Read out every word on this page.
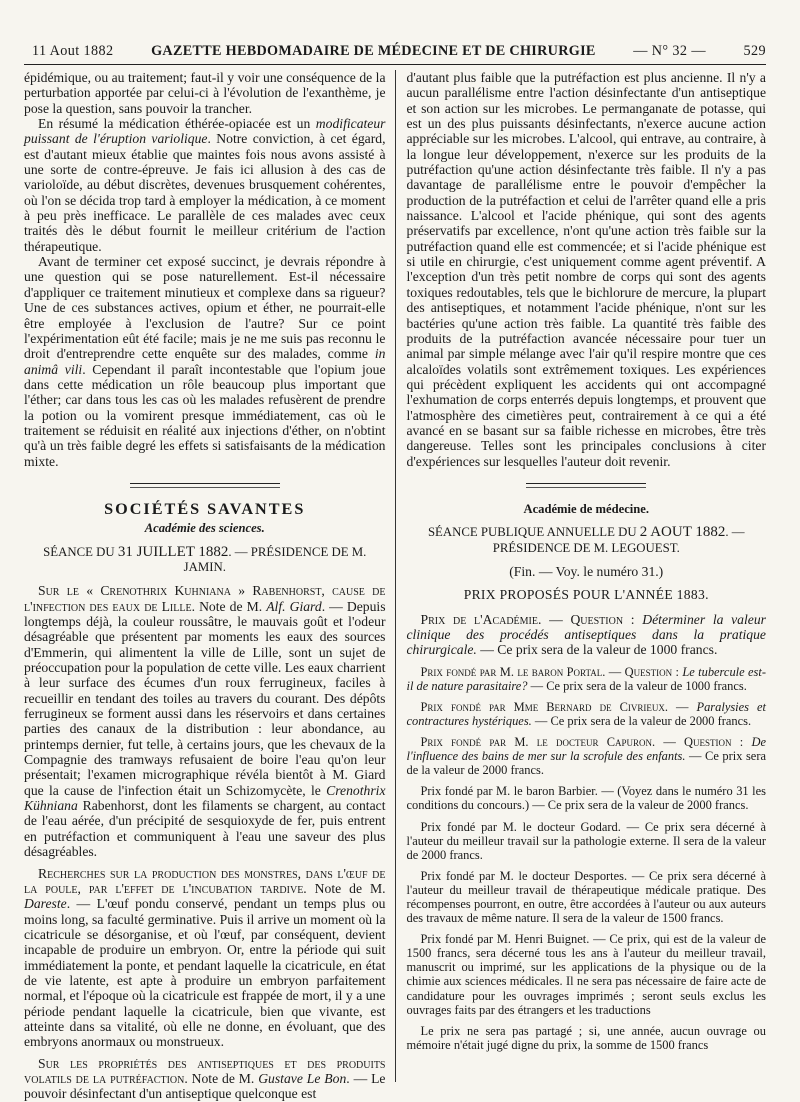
11 Aout 1882	GAZETTE HEBDOMADAIRE DE MÉDECINE ET DE CHIRURGIE	— N° 32 —	529

épidémique, ou au traitement; faut-il y voir une conséquence de la perturbation apportée par celui-ci à l'évolution de l'exanthème, je pose la question, sans pouvoir la trancher.

En résumé la médication éthérée-opiacée est un modificateur puissant de l'éruption variolique. Notre conviction, à cet égard, est d'autant mieux établie que maintes fois nous avons assisté à une sorte de contre-épreuve. Je fais ici allusion à des cas de varioloïde, au début discrètes, devenues brusquement cohérentes, où l'on se décida trop tard à employer la médication, à ce moment à peu près inefficace. Le parallèle de ces malades avec ceux traités dès le début fournit le meilleur critérium de l'action thérapeutique.

Avant de terminer cet exposé succinct, je devrais répondre à une question qui se pose naturellement. Est-il nécessaire d'appliquer ce traitement minutieux et complexe dans sa rigueur? Une de ces substances actives, opium et éther, ne pourrait-elle être employée à l'exclusion de l'autre? Sur ce point l'expérimentation eût été facile; mais je ne me suis pas reconnu le droit d'entreprendre cette enquête sur des malades, comme in animâ vili. Cependant il paraît incontestable que l'opium joue dans cette médication un rôle beaucoup plus important que l'éther; car dans tous les cas où les malades refusèrent de prendre la potion ou la vomirent presque immédiatement, cas où le traitement se réduisit en réalité aux injections d'éther, on n'obtint qu'à un très faible degré les effets si satisfaisants de la médication mixte.

SOCIÉTÉS SAVANTES
Académie des sciences.
SÉANCE DU 31 JUILLET 1882. — PRÉSIDENCE DE M. JAMIN.

Sur le « Crenothrix Kuhniana » Rabenhorst, cause de l'infection des eaux de Lille. Note de M. Alf. Giard. — Depuis longtemps déjà, la couleur roussâtre, le mauvais goût et l'odeur désagréable que présentent par moments les eaux des sources d'Emmerin, qui alimentent la ville de Lille, sont un sujet de préoccupation pour la population de cette ville. Les eaux charrient à leur surface des écumes d'un roux ferrugineux, faciles à recueillir en tendant des toiles au travers du courant. Des dépôts ferrugineux se forment aussi dans les réservoirs et dans certaines parties des canaux de la distribution : leur abondance, au printemps dernier, fut telle, à certains jours, que les chevaux de la Compagnie des tramways refusaient de boire l'eau qu'on leur présentait; l'examen micrographique révéla bientôt à M. Giard que la cause de l'infection était un Schizomycète, le Crenothrix Kühniana Rabenhorst, dont les filaments se chargent, au contact de l'eau aérée, d'un précipité de sesquioxyde de fer, puis entrent en putréfaction et communiquent à l'eau une saveur des plus désagréables.

Recherches sur la production des monstres, dans l'œuf de la poule, par l'effet de l'incubation tardive. Note de M. Dareste. — L'œuf pondu conservé, pendant un temps plus ou moins long, sa faculté germinative. Puis il arrive un moment où la cicatricule se désorganise, et où l'œuf, par conséquent, devient incapable de produire un embryon. Or, entre la période qui suit immédiatement la ponte, et pendant laquelle la cicatricule, en état de vie latente, est apte à produire un embryon parfaitement normal, et l'époque où la cicatricule est frappée de mort, il y a une période pendant laquelle la cicatricule, bien que vivante, est atteinte dans sa vitalité, où elle ne donne, en évoluant, que des embryons anormaux ou monstrueux.

Sur les propriétés des antiseptiques et des produits volatils de la putréfaction. Note de M. Gustave Le Bon. — Le pouvoir désinfectant d'un antiseptique quelconque est

d'autant plus faible que la putréfaction est plus ancienne. Il n'y a aucun parallélisme entre l'action désinfectante d'un antiseptique et son action sur les microbes. Le permanganate de potasse, qui est un des plus puissants désinfectants, n'exerce aucune action appréciable sur les microbes. L'alcool, qui entrave, au contraire, à la longue leur développement, n'exerce sur les produits de la putréfaction qu'une action désinfectante très faible. Il n'y a pas davantage de parallélisme entre le pouvoir d'empêcher la production de la putréfaction et celui de l'arrêter quand elle a pris naissance. L'alcool et l'acide phénique, qui sont des agents préservatifs par excellence, n'ont qu'une action très faible sur la putréfaction quand elle est commencée; et si l'acide phénique est si utile en chirurgie, c'est uniquement comme agent préventif. A l'exception d'un très petit nombre de corps qui sont des agents toxiques redoutables, tels que le bichlorure de mercure, la plupart des antiseptiques, et notamment l'acide phénique, n'ont sur les bactéries qu'une action très faible. La quantité très faible des produits de la putréfaction avancée nécessaire pour tuer un animal par simple mélange avec l'air qu'il respire montre que ces alcaloïdes volatils sont extrêmement toxiques. Les expériences qui précèdent expliquent les accidents qui ont accompagné l'exhumation de corps enterrés depuis longtemps, et prouvent que l'atmosphère des cimetières peut, contrairement à ce qui a été avancé en se basant sur sa faible richesse en microbes, être très dangereuse. Telles sont les principales conclusions à citer d'expériences sur lesquelles l'auteur doit revenir.

Académie de médecine.
SÉANCE PUBLIQUE ANNUELLE DU 2 AOUT 1882. — PRÉSIDENCE DE M. LEGOUEST.
(Fin. — Voy. le numéro 31.)
PRIX PROPOSÉS POUR L'ANNÉE 1883.

Prix de l'Académie. — Question : Déterminer la valeur clinique des procédés antiseptiques dans la pratique chirurgicale. — Ce prix sera de la valeur de 1000 francs.

Prix fondé par M. le baron Portal. — Question : Le tubercule est-il de nature parasitaire? — Ce prix sera de la valeur de 1000 francs.

Prix fondé par Mme Bernard de Civrieux. — Paralysies et contractures hystériques. — Ce prix sera de la valeur de 2000 francs.

Prix fondé par M. le docteur Capuron. — Question : De l'influence des bains de mer sur la scrofule des enfants. — Ce prix sera de la valeur de 2000 francs.

Prix fondé par M. le baron Barbier. — (Voyez dans le numéro 31 les conditions du concours.) — Ce prix sera de la valeur de 2000 francs.

Prix fondé par M. le docteur Godard. — Ce prix sera décerné à l'auteur du meilleur travail sur la pathologie externe. Il sera de la valeur de 2000 francs.

Prix fondé par M. le docteur Desportes. — Ce prix sera décerné à l'auteur du meilleur travail de thérapeutique médicale pratique. Des récompenses pourront, en outre, être accordées à l'auteur ou aux auteurs des travaux de même nature. Il sera de la valeur de 1500 francs.

Prix fondé par M. Henri Buignet. — Ce prix, qui est de la valeur de 1500 francs, sera décerné tous les ans à l'auteur du meilleur travail, manuscrit ou imprimé, sur les applications de la physique ou de la chimie aux sciences médicales. Il ne sera pas nécessaire de faire acte de candidature pour les ouvrages imprimés ; seront seuls exclus les ouvrages faits par des étrangers et les traductions

Le prix ne sera pas partagé ; si, une année, aucun ouvrage ou mémoire n'était jugé digne du prix, la somme de 1500 francs
